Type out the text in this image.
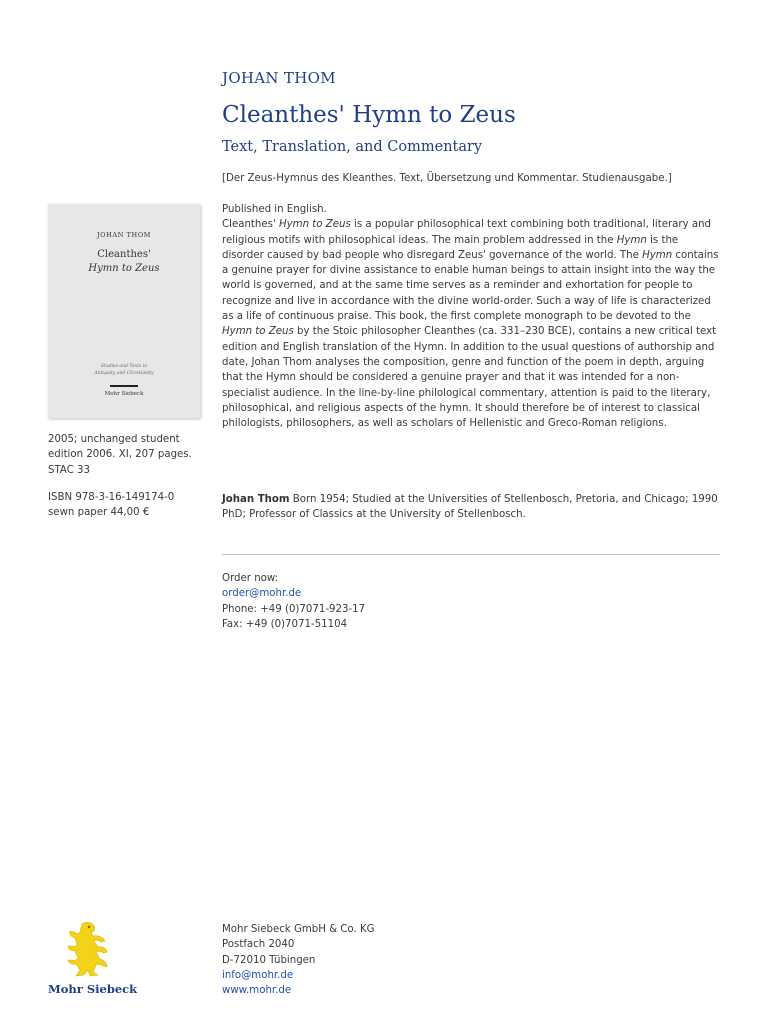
JOHAN THOM
Cleanthes' Hymn to Zeus
Text, Translation, and Commentary
[Der Zeus-Hymnus des Kleanthes. Text, Übersetzung und Kommentar. Studienausgabe.]

Published in English.

Cleanthes' Hymn to Zeus is a popular philosophical text combining both traditional, literary and religious motifs with philosophical ideas. The main problem addressed in the Hymn is the disorder caused by bad people who disregard Zeus' governance of the world. The Hymn contains a genuine prayer for divine assistance to enable human beings to attain insight into the way the world is governed, and at the same time serves as a reminder and exhortation for people to recognize and live in accordance with the divine world-order. Such a way of life is characterized as a life of continuous praise. This book, the first complete monograph to be devoted to the Hymn to Zeus by the Stoic philosopher Cleanthes (ca. 331–230 BCE), contains a new critical text edition and English translation of the Hymn. In addition to the usual questions of authorship and date, Johan Thom analyses the composition, genre and function of the poem in depth, arguing that the Hymn should be considered a genuine prayer and that it was intended for a non-specialist audience. In the line-by-line philological commentary, attention is paid to the literary, philosophical, and religious aspects of the hymn. It should therefore be of interest to classical philologists, philosophers, as well as scholars of Hellenistic and Greco-Roman religions.

Johan Thom Born 1954; Studied at the Universities of Stellenbosch, Pretoria, and Chicago; 1990 PhD; Professor of Classics at the University of Stellenbosch.

Order now:
order@mohr.de
Phone: +49 (0)7071-923-17
Fax: +49 (0)7071-51104
JOHAN THOM
Cleanthes'
Hymn to Zeus
Studies and Texts in
Antiquity and Christianity
Mohr Siebeck
2005; unchanged student
edition 2006. XI, 207 pages.
STAC 33
ISBN 978-3-16-149174-0
sewn paper 44,00 €
Mohr Siebeck
Mohr Siebeck GmbH & Co. KG
Postfach 2040
D-72010 Tübingen
info@mohr.de
www.mohr.de
